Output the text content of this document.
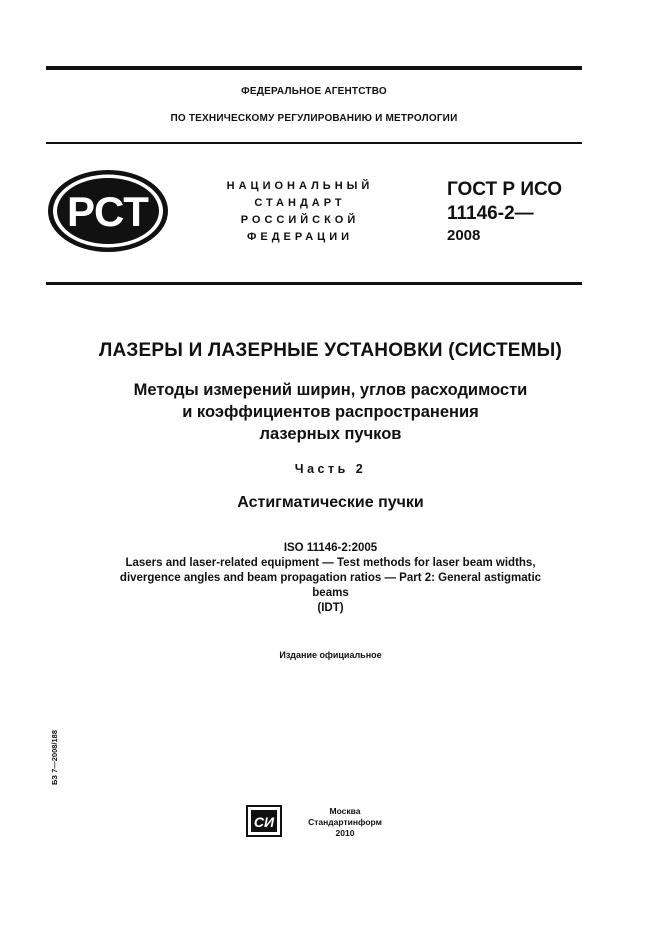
ФЕДЕРАЛЬНОЕ АГЕНТСТВО
ПО ТЕХНИЧЕСКОМУ РЕГУЛИРОВАНИЮ И МЕТРОЛОГИИ
РСТ
НАЦИОНАЛЬНЫЙ
СТАНДАРТ
РОССИЙСКОЙ
ФЕДЕРАЦИИ
ГОСТ Р ИСО
11146-2—
2008
ЛАЗЕРЫ И ЛАЗЕРНЫЕ УСТАНОВКИ (СИСТЕМЫ)
Методы измерений ширин, углов расходимости
и коэффициентов распространения
лазерных пучков
Часть 2
Астигматические пучки
ISO 11146-2:2005
Lasers and laser-related equipment — Test methods for laser beam widths,
divergence angles and beam propagation ratios — Part 2: General astigmatic
beams
(IDT)
Издание официальное
БЗ 7—2008/188
СИ
Москва
Стандартинформ
2010
